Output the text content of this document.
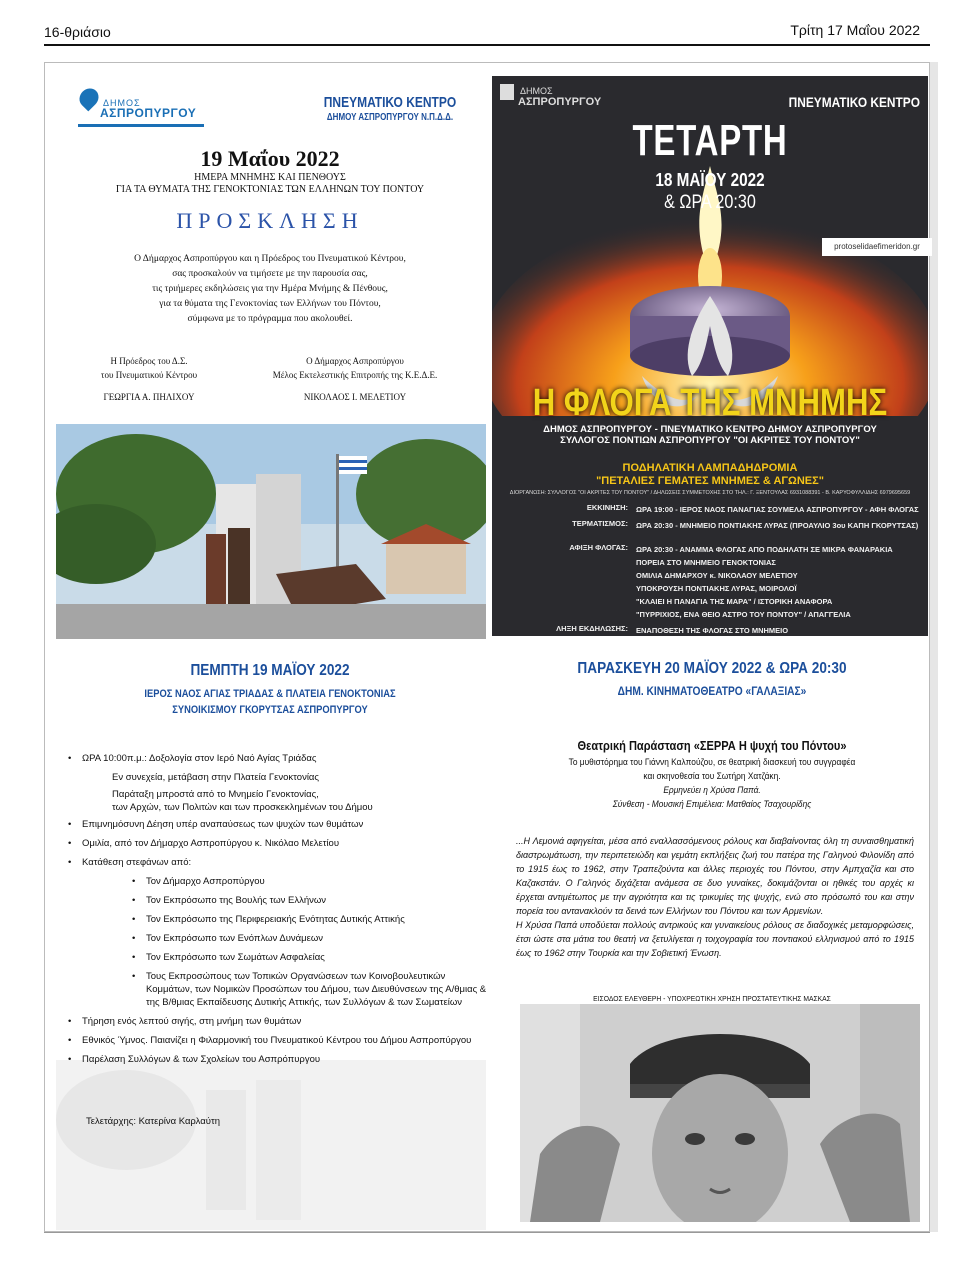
16-θριάσιο	Τρίτη 17 Μαΐου 2022
ΔΗΜΟΣ
ΑΣΠΡΟΠΥΡΓΟΥ
ΠΝΕΥΜΑΤΙΚΟ ΚΕΝΤΡΟ
ΔΗΜΟΥ ΑΣΠΡΟΠΥΡΓΟΥ Ν.Π.Δ.Δ.
19 Μαΐου 2022
ΗΜΕΡΑ ΜΝΗΜΗΣ ΚΑΙ ΠΕΝΘΟΥΣ
ΓΙΑ ΤΑ ΘΥΜΑΤΑ ΤΗΣ ΓΕΝΟΚΤΟΝΙΑΣ ΤΩΝ ΕΛΛΗΝΩΝ ΤΟΥ ΠΟΝΤΟΥ
ΠΡΟΣΚΛΗΣΗ
Ο Δήμαρχος Ασπροπύργου και η Πρόεδρος του Πνευματικού Κέντρου,
σας προσκαλούν να τιμήσετε με την παρουσία σας,
τις τριήμερες εκδηλώσεις για την Ημέρα Μνήμης & Πένθους,
για τα θύματα της Γενοκτονίας των Ελλήνων του Πόντου,
σύμφωνα με το πρόγραμμα που ακολουθεί.
Η Πρόεδρος του Δ.Σ.
του Πνευματικού Κέντρου
Ο Δήμαρχος Ασπροπύργου
Μέλος Εκτελεστικής Επιτροπής της Κ.Ε.Δ.Ε.
ΓΕΩΡΓΙΑ Α. ΠΗΛΙΧΟΥ	ΝΙΚΟΛΑΟΣ Ι. ΜΕΛΕΤΙΟΥ
ΔΗΜΟΣ
ΑΣΠΡΟΠΥΡΓΟΥ	ΠΝΕΥΜΑΤΙΚΟ ΚΕΝΤΡΟ
ΤΕΤΑΡΤΗ
18 ΜΑΪΟΥ 2022
& ΩΡΑ 20:30
protoselidaefimeridon.gr
Η ΦΛΟΓΑ ΤΗΣ ΜΝΗΜΗΣ
ΔΗΜΟΣ ΑΣΠΡΟΠΥΡΓΟΥ - ΠΝΕΥΜΑΤΙΚΟ ΚΕΝΤΡΟ ΔΗΜΟΥ ΑΣΠΡΟΠΥΡΓΟΥ
ΣΥΛΛΟΓΟΣ ΠΟΝΤΙΩΝ ΑΣΠΡΟΠΥΡΓΟΥ "ΟΙ ΑΚΡΙΤΕΣ ΤΟΥ ΠΟΝΤΟΥ"
ΠΟΔΗΛΑΤΙΚΗ ΛΑΜΠΑΔΗΔΡΟΜΙΑ
"ΠΕΤΑΛΙΕΣ ΓΕΜΑΤΕΣ ΜΝΗΜΕΣ & ΑΓΩΝΕΣ"
ΔΙΟΡΓΑΝΩΣΗ: ΣΥΛΛΟΓΟΣ "ΟΙ ΑΚΡΙΤΕΣ ΤΟΥ ΠΟΝΤΟΥ" / ΔΗΛΩΣΕΙΣ ΣΥΜΜΕΤΟΧΗΣ ΣΤΟ ΤΗΛ.: Γ. ΞΕΝΤΟΥΛΑΣ 6931088391 - Β. ΚΑΡΥΟΦΥΛΛΙΔΗΣ 6979695659
ΕΚΚΙΝΗΣΗ:	ΩΡΑ 19:00 - ΙΕΡΟΣ ΝΑΟΣ ΠΑΝΑΓΙΑΣ ΣΟΥΜΕΛΑ ΑΣΠΡΟΠΥΡΓΟΥ - ΑΦΗ ΦΛΟΓΑΣ
ΤΕΡΜΑΤΙΣΜΟΣ:	ΩΡΑ 20:30 - ΜΝΗΜΕΙΟ ΠΟΝΤΙΑΚΗΣ ΛΥΡΑΣ (ΠΡΟΑΥΛΙΟ 3ου ΚΑΠΗ ΓΚΟΡΥΤΣΑΣ)
ΑΦΙΞΗ ΦΛΟΓΑΣ:	ΩΡΑ 20:30 - ΑΝΑΜΜΑ ΦΛΟΓΑΣ ΑΠΟ ΠΟΔΗΛΑΤΗ ΣΕ ΜΙΚΡΑ ΦΑΝΑΡΑΚΙΑ
ΠΟΡΕΙΑ ΣΤΟ ΜΝΗΜΕΙΟ ΓΕΝΟΚΤΟΝΙΑΣ
ΟΜΙΛΙΑ ΔΗΜΑΡΧΟΥ κ. ΝΙΚΟΛΑΟΥ ΜΕΛΕΤΙΟΥ
ΥΠΟΚΡΟΥΣΗ ΠΟΝΤΙΑΚΗΣ ΛΥΡΑΣ, ΜΟΙΡΟΛΟΪ
"ΚΛΑΙΕΙ Η ΠΑΝΑΓΙΑ ΤΗΣ ΜΑΡΑ" / ΙΣΤΟΡΙΚΗ ΑΝΑΦΟΡΑ
"ΠΥΡΡΙΧΙΟΣ, ΕΝΑ ΘΕΙΟ ΑΣΤΡΟ ΤΟΥ ΠΟΝΤΟΥ" / ΑΠΑΓΓΕΛΙΑ
ΛΗΞΗ ΕΚΔΗΛΩΣΗΣ:	ΕΝΑΠΟΘΕΣΗ ΤΗΣ ΦΛΟΓΑΣ ΣΤΟ ΜΝΗΜΕΙΟ
ΠΕΜΠΤΗ 19 ΜΑΪΟΥ 2022
ΙΕΡΟΣ ΝΑΟΣ ΑΓΙΑΣ ΤΡΙΑΔΑΣ & ΠΛΑΤΕΙΑ ΓΕΝΟΚΤΟΝΙΑΣ
ΣΥΝΟΙΚΙΣΜΟΥ ΓΚΟΡΥΤΣΑΣ ΑΣΠΡΟΠΥΡΓΟΥ
• ΩΡΑ 10:00π.μ.: Δοξολογία στον Ιερό Ναό Αγίας Τριάδας
Εν συνεχεία, μετάβαση στην Πλατεία Γενοκτονίας
Παράταξη μπροστά από το Μνημείο Γενοκτονίας,
των Αρχών, των Πολιτών και των προσκεκλημένων του Δήμου
• Επιμνημόσυνη Δέηση υπέρ αναπαύσεως των ψυχών των θυμάτων
• Ομιλία, από τον Δήμαρχο Ασπροπύργου κ. Νικόλαο Μελετίου
• Κατάθεση στεφάνων από:
• Τον Δήμαρχο Ασπροπύργου
• Τον Εκπρόσωπο της Βουλής των Ελλήνων
• Τον Εκπρόσωπο της Περιφερειακής Ενότητας Δυτικής Αττικής
• Τον Εκπρόσωπο των Ενόπλων Δυνάμεων
• Τον Εκπρόσωπο των Σωμάτων Ασφαλείας
• Τους Εκπροσώπους των Τοπικών Οργανώσεων των Κοινοβουλευτικών Κομμάτων, των Νομικών Προσώπων του Δήμου, των Διευθύνσεων της Α/θμιας & της Β/θμιας Εκπαίδευσης Δυτικής Αττικής, των Συλλόγων & των Σωματείων
• Τήρηση ενός λεπτού σιγής, στη μνήμη των θυμάτων
• Εθνικός Ύμνος. Παιανίζει η Φιλαρμονική του Πνευματικού Κέντρου του Δήμου Ασπροπύργου
• Παρέλαση Συλλόγων & των Σχολείων του Ασπρόπυργου
Τελετάρχης: Κατερίνα Καρλαύτη
ΠΑΡΑΣΚΕΥΗ 20 ΜΑΪΟΥ 2022 & ΩΡΑ 20:30
ΔΗΜ. ΚΙΝΗΜΑΤΟΘΕΑΤΡΟ «ΓΑΛΑΞΙΑΣ»
Θεατρική Παράσταση «ΣΕΡΡΑ Η ψυχή του Πόντου»
Το μυθιστόρημα του Γιάννη Καλπούζου, σε θεατρική διασκευή του συγγραφέα
και σκηνοθεσία του Σωτήρη Χατζάκη.
Ερμηνεύει η Χρύσα Παπά.
Σύνθεση - Μουσική Επιμέλεια: Ματθαίος Τσαχουρίδης
...Η Λεμονιά αφηγείται, μέσα από εναλλασσόμενους ρόλους και διαβαίνοντας όλη τη συναισθηματική διαστρωμάτωση, την περιπετειώδη και γεμάτη εκπλήξεις ζωή του πατέρα της Γαληνού Φιλονίδη από το 1915 έως το 1962, στην Τραπεζούντα και άλλες περιοχές του Πόντου, στην Αμπχαζία και στο Καζακστάν. Ο Γαληνός διχάζεται ανάμεσα σε δυο γυναίκες, δοκιμάζονται οι ηθικές του αρχές κι έρχεται αντιμέτωπος με την αγριότητα και τις τρικυμίες της ψυχής, ενώ στο πρόσωπό του και στην πορεία του αντανακλούν τα δεινά των Ελλήνων του Πόντου και των Αρμενίων.
Η Χρύσα Παπά υποδύεται πολλούς αντρικούς και γυναικείους ρόλους σε διαδοχικές μεταμορφώσεις, έτσι ώστε στα μάτια του θεατή να ξετυλίγεται η τοιχογραφία του ποντιακού ελληνισμού από το 1915 έως το 1962 στην Τουρκία και την Σοβιετική Ένωση.
ΕΙΣΟΔΟΣ ΕΛΕΥΘΕΡΗ - ΥΠΟΧΡΕΩΤΙΚΗ ΧΡΗΣΗ ΠΡΟΣΤΑΤΕΥΤΙΚΗΣ ΜΑΣΚΑΣ
